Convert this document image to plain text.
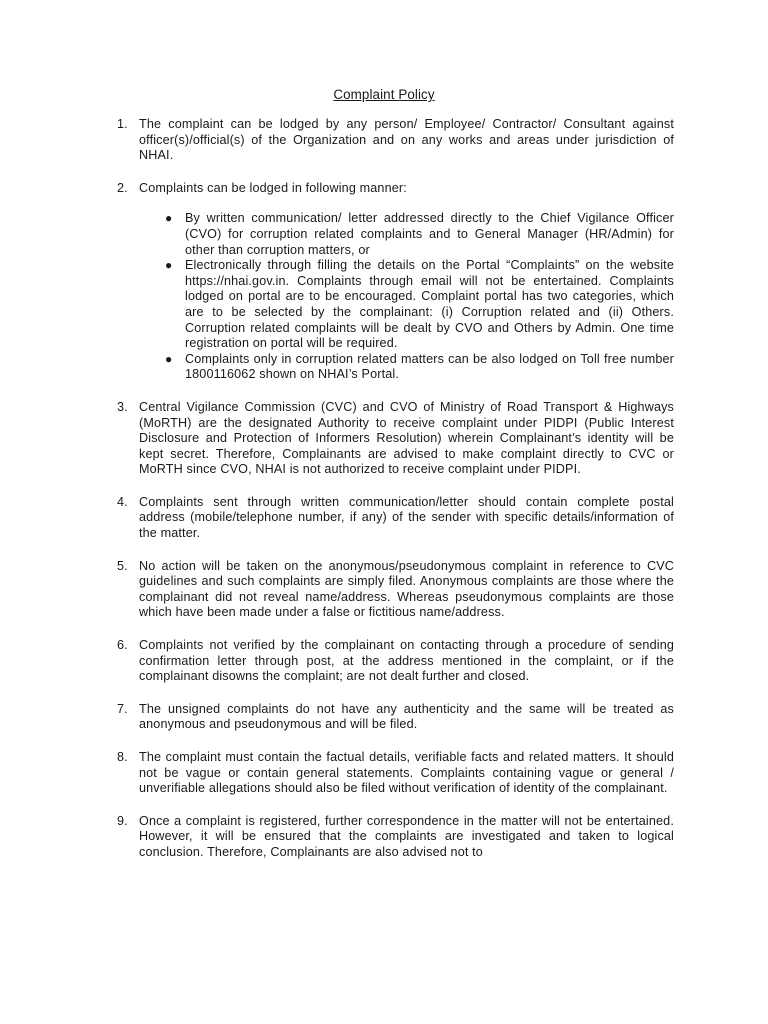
Complaint Policy
1. The complaint can be lodged by any person/ Employee/ Contractor/ Consultant against officer(s)/official(s) of the Organization and on any works and areas under jurisdiction of NHAI.

2. Complaints can be lodged in following manner:

● By written communication/ letter addressed directly to the Chief Vigilance Officer (CVO) for corruption related complaints and to General Manager (HR/Admin) for other than corruption matters, or
● Electronically through filling the details on the Portal “Complaints” on the website https://nhai.gov.in. Complaints through email will not be entertained. Complaints lodged on portal are to be encouraged. Complaint portal has two categories, which are to be selected by the complainant: (i) Corruption related and (ii) Others. Corruption related complaints will be dealt by CVO and Others by Admin. One time registration on portal will be required.
● Complaints only in corruption related matters can be also lodged on Toll free number 1800116062 shown on NHAI’s Portal.
3. Central Vigilance Commission (CVC) and CVO of Ministry of Road Transport & Highways (MoRTH) are the designated Authority to receive complaint under PIDPI (Public Interest Disclosure and Protection of Informers Resolution) wherein Complainant’s identity will be kept secret. Therefore, Complainants are advised to make complaint directly to CVC or MoRTH since CVO, NHAI is not authorized to receive complaint under PIDPI.

4. Complaints sent through written communication/letter should contain complete postal address (mobile/telephone number, if any) of the sender with specific details/information of the matter.

5. No action will be taken on the anonymous/pseudonymous complaint in reference to CVC guidelines and such complaints are simply filed. Anonymous complaints are those where the complainant did not reveal name/address. Whereas pseudonymous complaints are those which have been made under a false or fictitious name/address.

6. Complaints not verified by the complainant on contacting through a procedure of sending confirmation letter through post, at the address mentioned in the complaint, or if the complainant disowns the complaint; are not dealt further and closed.

7. The unsigned complaints do not have any authenticity and the same will be treated as anonymous and pseudonymous and will be filed.

8. The complaint must contain the factual details, verifiable facts and related matters. It should not be vague or contain general statements. Complaints containing vague or general / unverifiable allegations should also be filed without verification of identity of the complainant.

9. Once a complaint is registered, further correspondence in the matter will not be entertained. However, it will be ensured that the complaints are investigated and taken to logical conclusion. Therefore, Complainants are also advised not to
